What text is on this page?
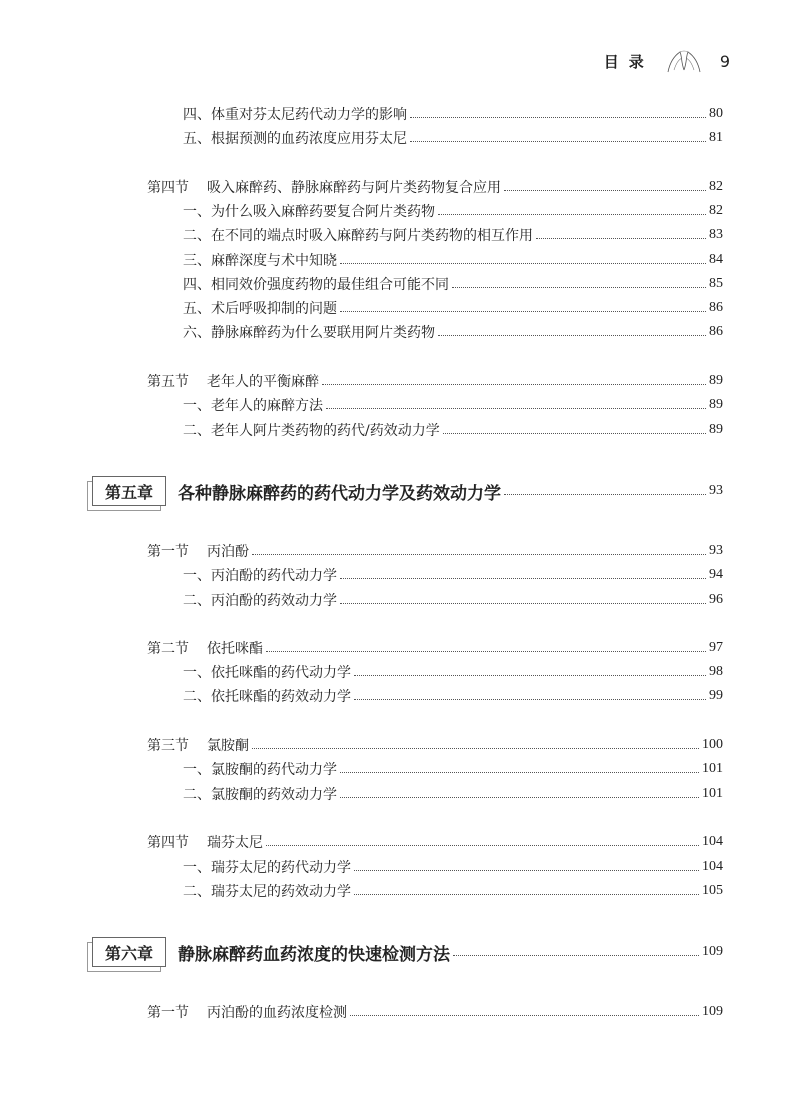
目录	9
四、体重对芬太尼药代动力学的影响	80
五、根据预测的血药浓度应用芬太尼	81
第四节 吸入麻醉药、静脉麻醉药与阿片类药物复合应用	82
一、为什么吸入麻醉药要复合阿片类药物	82
二、在不同的端点时吸入麻醉药与阿片类药物的相互作用	83
三、麻醉深度与术中知晓	84
四、相同效价强度药物的最佳组合可能不同	85
五、术后呼吸抑制的问题	86
六、静脉麻醉药为什么要联用阿片类药物	86
第五节 老年人的平衡麻醉	89
一、老年人的麻醉方法	89
二、老年人阿片类药物的药代/药效动力学	89
第五章	各种静脉麻醉药的药代动力学及药效动力学	93
第一节 丙泊酚	93
一、丙泊酚的药代动力学	94
二、丙泊酚的药效动力学	96
第二节 依托咪酯	97
一、依托咪酯的药代动力学	98
二、依托咪酯的药效动力学	99
第三节 氯胺酮	100
一、氯胺酮的药代动力学	101
二、氯胺酮的药效动力学	101
第四节 瑞芬太尼	104
一、瑞芬太尼的药代动力学	104
二、瑞芬太尼的药效动力学	105
第六章	静脉麻醉药血药浓度的快速检测方法	109
第一节 丙泊酚的血药浓度检测	109
